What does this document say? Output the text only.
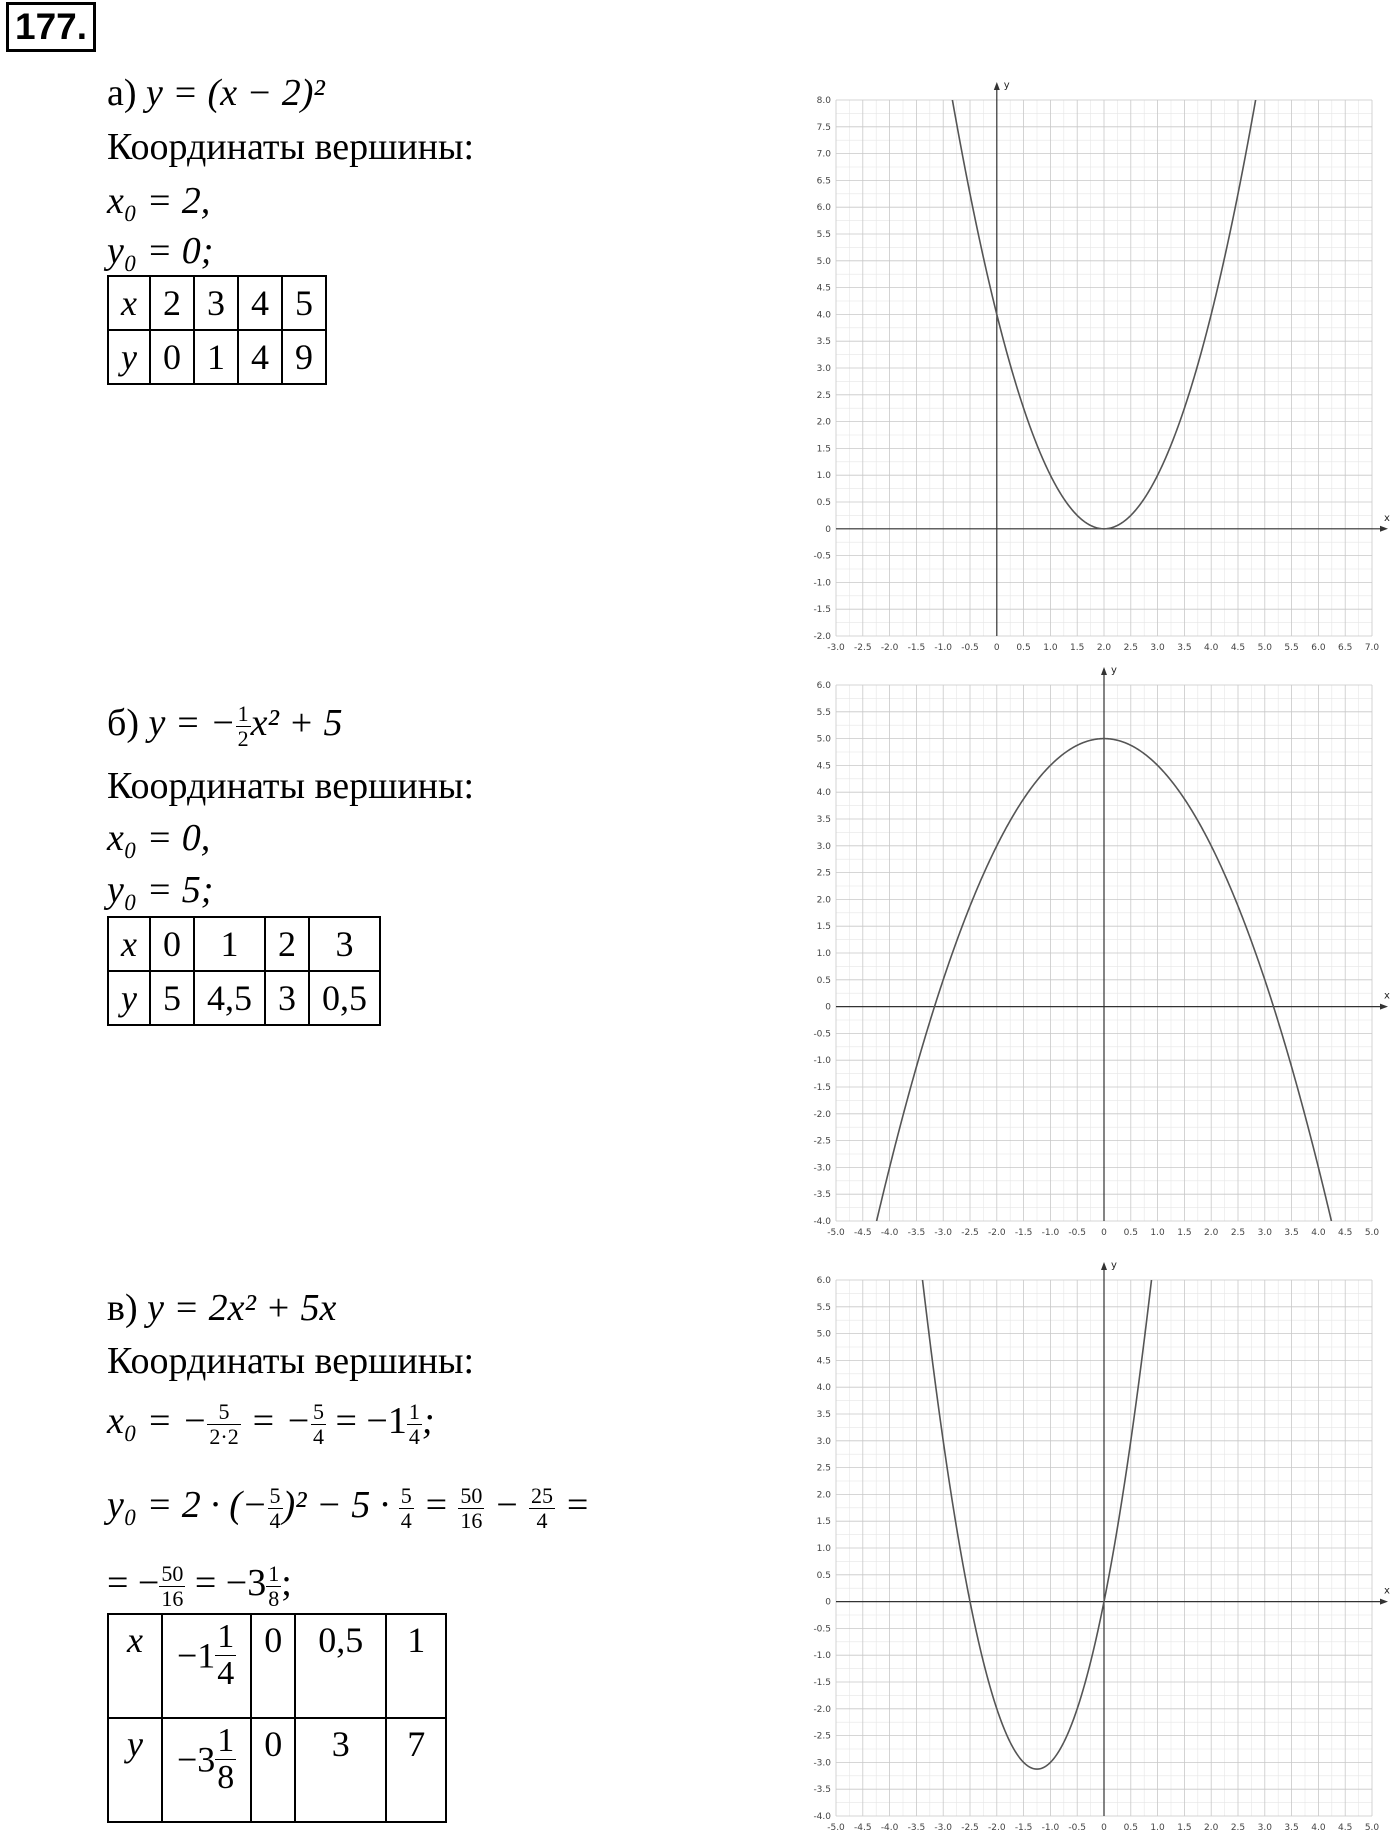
177.
а) y = (x − 2)²
Координаты вершины:
x₀ = 2,
y₀ = 0;
x	2	3	4	5
y	0	1	4	9
б) y = − $\frac{1}{2} x^2 + 5$
Координаты вершины:
x₀ = 0,
y₀ = 5;
x	0	1	2	3
y	5	4,5	3	0,5
в) y = 2x² + 5x
Координаты вершины:
x₀ = − $\frac{5}{2\cdot 2}$ = − $\frac{5}{4} = -1 \frac{1}{4}$ ;
y₀ = 2 · (− $\frac{5}{4} )^2 - 5 \cdot \frac{5}{4} = \frac{50}{16} - \frac{25}{4}$ =
= − $\frac{50}{16} = -3 \frac{1}{8}$ ;
x	$-1 \frac{1}{4}$	0	0,5	1
y	$-3 \frac{1}{8}$	0	3	7
x
y
-3.0 -2.5 -2.0 -1.5 -1.0 -0.5 0 0.5 1.0 1.5 2.0 2.5 3.0 3.5 4.0 4.5 5.0 5.5 6.0 6.5 7.0
8.0
7.5
7.0
6.5
6.0
5.5
5.0
4.5
4.0
3.5
3.0
2.5
2.0
1.5
1.0
0.5
0
-0.5
-1.0
-1.5
-2.0
x
y
-5.0 -4.5 -4.0 -3.5 -3.0 -2.5 -2.0 -1.5 -1.0 -0.5 0 0.5 1.0 1.5 2.0 2.5 3.0 3.5 4.0 4.5 5.0
6.0
5.5
5.0
4.5
4.0
3.5
3.0
2.5
2.0
1.5
1.0
0.5
0
-0.5
-1.0
-1.5
-2.0
-2.5
-3.0
-3.5
-4.0
x
y
-5.0 -4.5 -4.0 -3.5 -3.0 -2.5 -2.0 -1.5 -1.0 -0.5 0 0.5 1.0 1.5 2.0 2.5 3.0 3.5 4.0 4.5 5.0
6.0
5.5
5.0
4.5
4.0
3.5
3.0
2.5
2.0
1.5
1.0
0.5
0
-0.5
-1.0
-1.5
-2.0
-2.5
-3.0
-3.5
-4.0
